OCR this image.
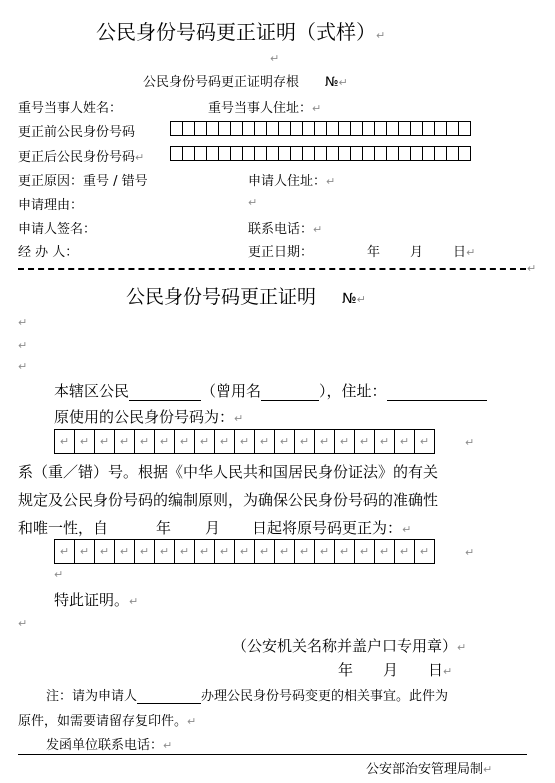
公民身份号码更正证明（式样）↵
↵
公民身份号码更正证明存根 №↵
重号当事人姓名：	重号当事人住址：↵
更正前公民身份号码
更正后公民身份号码↵
更正原因：重号 / 错号	申请人住址：↵
申请理由：	↵
申请人签名：	联系电话：↵
经 办 人：	更正日期：	年 月 日↵
↵
公民身份号码更正证明 №↵
↵
↵
↵
本辖区公民	（曾用名	），住址：
原使用的公民身份号码为：↵
↵ ↵ ↵ ↵ ↵ ↵ ↵ ↵ ↵ ↵ ↵ ↵ ↵ ↵ ↵ ↵ ↵ ↵ ↵	↵
系（重／错）号。根据《中华人民共和国居民身份证法》的有关
规定及公民身份号码的编制原则，为确保公民身份号码的准确性
和唯一性，自	年 月 日起将原号码更正为：↵
↵ ↵ ↵ ↵ ↵ ↵ ↵ ↵ ↵ ↵ ↵ ↵ ↵ ↵ ↵ ↵ ↵ ↵ ↵	↵
↵
特此证明。↵
↵
（公安机关名称并盖户口专用章）↵
年 月 日↵
注：请为申请人	办理公民身份号码变更的相关事宜。此件为
原件，如需要请留存复印件。↵
发函单位联系电话：↵
公安部治安管理局制↵
